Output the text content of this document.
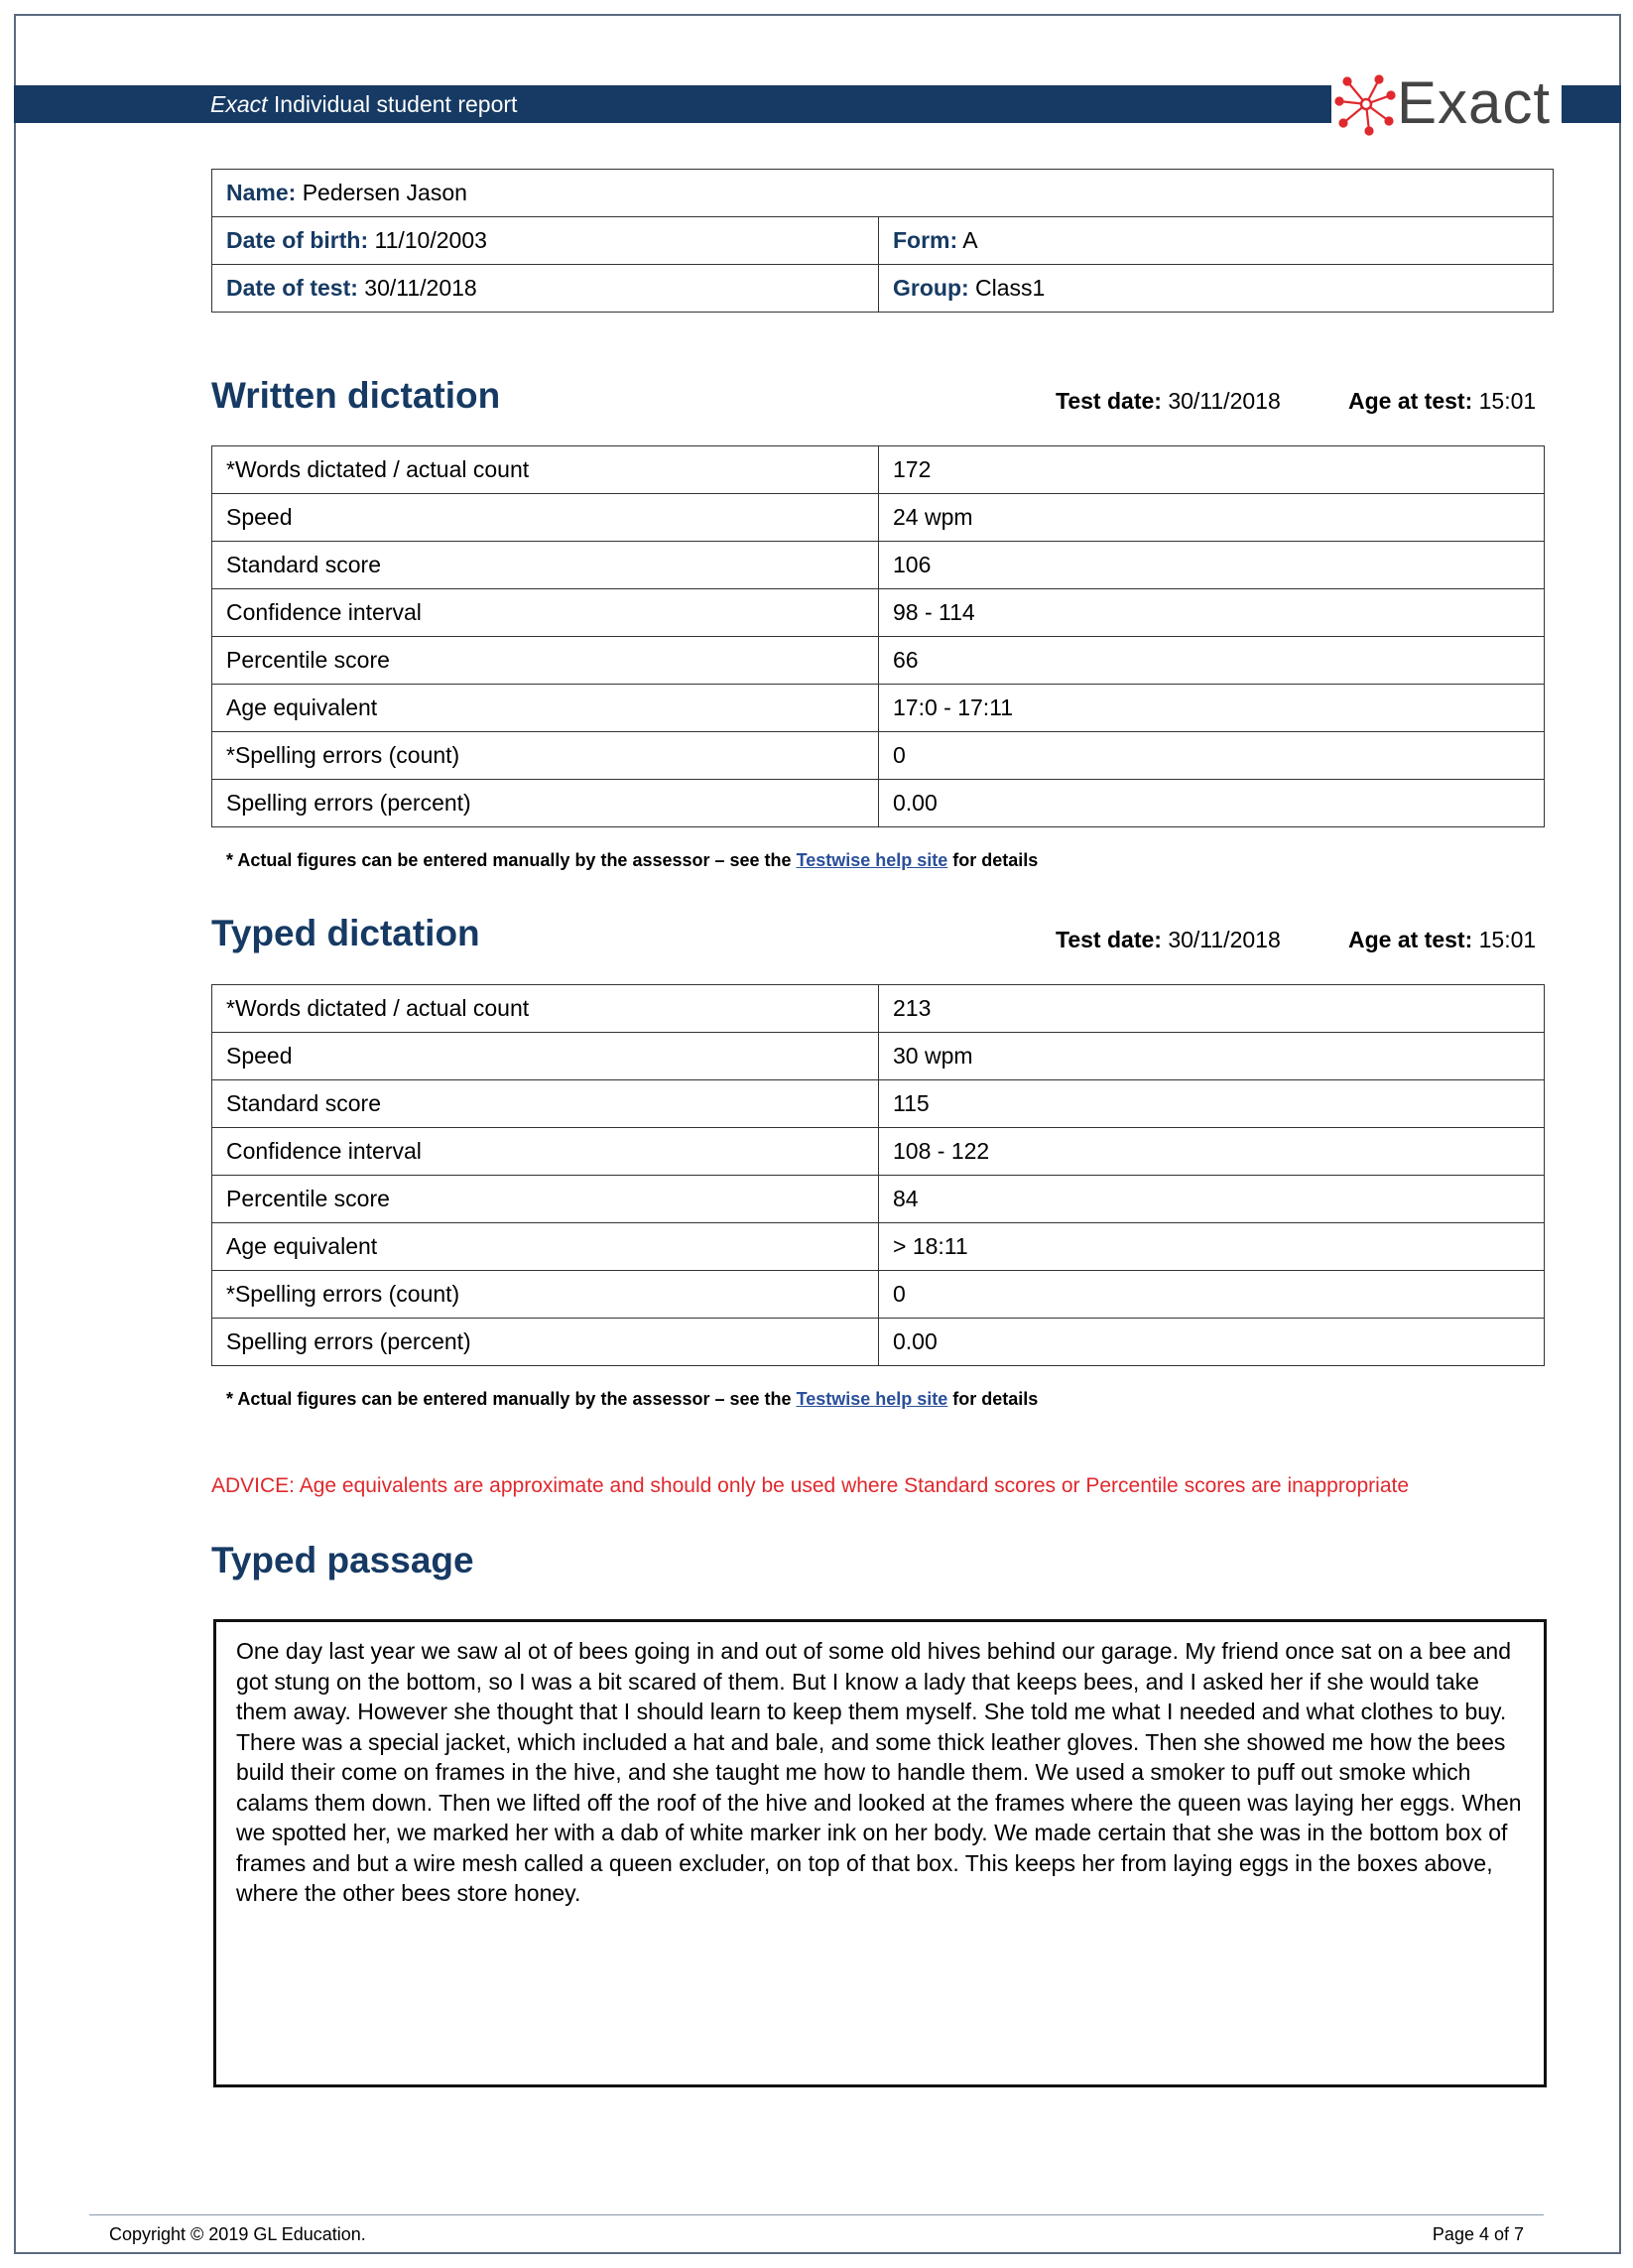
Exact Individual student report	Exact
Name: Pedersen Jason	
Date of birth: 11/10/2003	Form: A
Date of test: 30/11/2018	Group: Class1
Written dictation	Test date: 30/11/2018	Age at test: 15:01
*Words dictated / actual count	172
Speed	24 wpm
Standard score	106
Confidence interval	98 - 114
Percentile score	66
Age equivalent	17:0 - 17:11
*Spelling errors (count)	0
Spelling errors (percent)	0.00
* Actual figures can be entered manually by the assessor – see the Testwise help site for details
Typed dictation	Test date: 30/11/2018	Age at test: 15:01
*Words dictated / actual count	213
Speed	30 wpm
Standard score	115
Confidence interval	108 - 122
Percentile score	84
Age equivalent	> 18:11
*Spelling errors (count)	0
Spelling errors (percent)	0.00
* Actual figures can be entered manually by the assessor – see the Testwise help site for details
ADVICE: Age equivalents are approximate and should only be used where Standard scores or Percentile scores are inappropriate
Typed passage
One day last year we saw al ot of bees going in and out of some old hives behind our garage. My friend once sat on a bee and got stung on the bottom, so I was a bit scared of them. But I know a lady that keeps bees, and I asked her if she would take them away. However she thought that I should learn to keep them myself. She told me what I needed and what clothes to buy. There was a special jacket, which included a hat and bale, and some thick leather gloves. Then she showed me how the bees build their come on frames in the hive, and she taught me how to handle them. We used a smoker to puff out smoke which calams them down. Then we lifted off the roof of the hive and looked at the frames where the queen was laying her eggs. When we spotted her, we marked her with a dab of white marker ink on her body. We made certain that she was in the bottom box of frames and but a wire mesh called a queen excluder, on top of that box. This keeps her from laying eggs in the boxes above, where the other bees store honey.
Copyright © 2019 GL Education.	Page 4 of 7
